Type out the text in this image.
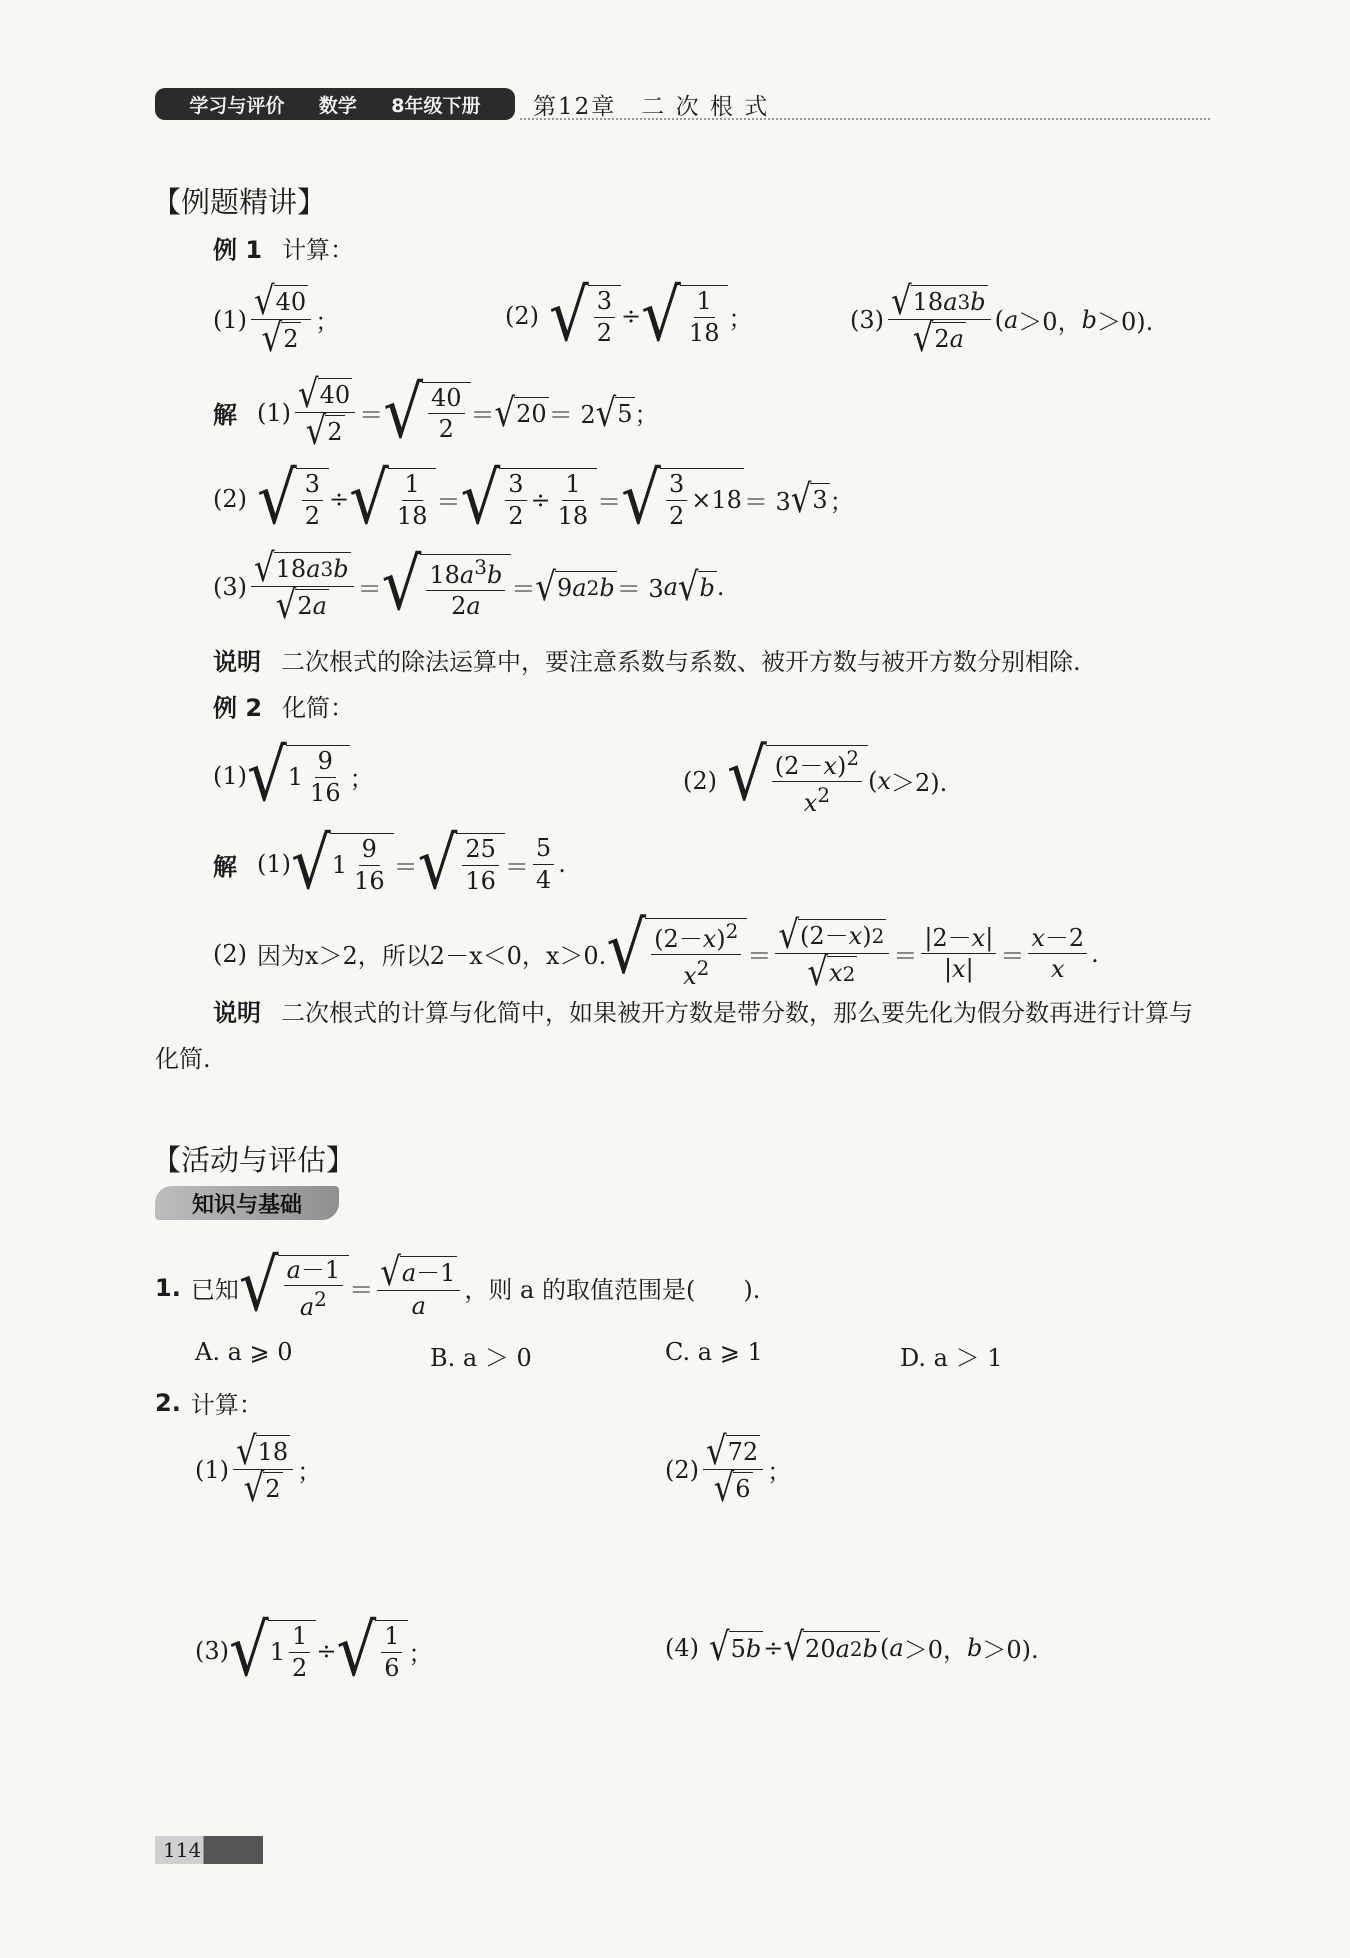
学习与评价 数学 8年级下册 第12章　二 次 根 式
【例题精讲】
例 1 计算：
$(1) \frac{√ 40}{√ 2}$ ；	(2) √ $\frac{3}{2}$ ÷ √ $\frac{1}{18}$ ；	$(3) \frac{√ 18 a 3 b}{√ 2 a}$ ( a ＞0， b ＞0).
解 $(1) \frac{√ 40}{√ 2}$ ＝ √ $\frac{40}{2}$ ＝ √ 20 ＝ 2 √ 5 ；
(2) √ $\frac{3}{2}$ ÷ √ $\frac{1}{18}$ ＝ √ $\frac{3}{2} \div \frac{1}{18}$ ＝ √ $\frac{3}{2} \times 18 = 3$ √ 3 ；
$(3) \frac{√ 18 a 3 b}{√ 2 a}$ ＝ √ $\frac{18a^3b}{2a}$ ＝ √ 9 a 2 b ＝ 3 a √ b .
说明 二次根式的除法运算中，要注意系数与系数、被开方数与被开方数分别相除.
例 2 化简：
(1) √ $1 \frac{9}{16}$ ；	(2) √ $\frac{(2-x)^2}{x^2}$ ( x ＞2).
解 (1) √ $1 \frac{9}{16}$ ＝ √ $\frac{25}{16} = \frac{5}{4}$ .
(2) 因为x＞2，所以2－x＜0，x＞0. √ $\frac{(2-x)^2}{x^2} = \frac{√ (2- x ) 2}{√ x 2} = \frac{|2-x|}{|x|} = \frac{x-2}{x}$ .
说明 二次根式的计算与化简中，如果被开方数是带分数，那么要先化为假分数再进行计算与化简.
【活动与评估】
知识与基础
1. 已知 √ $\frac{a-1}{a^2} = \frac{√ a -1}{a}$ ，则 a 的取值范围是(　　).
A. a ⩾ 0	B. a ＞ 0	C. a ⩾ 1	D. a ＞ 1
2. 计算：
$(1) \frac{√ 18}{√ 2}$ ；	$(2) \frac{√ 72}{√ 6}$ ；
(3) √ $1 \frac{1}{2}$ ÷ √ $\frac{1}{6}$ ；	(4) √ 5 b ÷ √ 20 a 2 b ( a ＞0， b ＞0).
114
